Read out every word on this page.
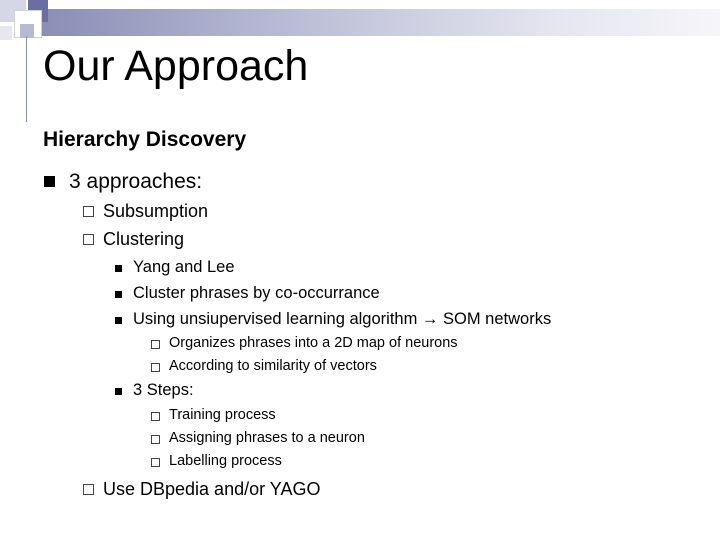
Our Approach
Hierarchy Discovery
3 approaches:
Subsumption
Clustering
Yang and Lee
Cluster phrases by co-occurrance
Using unsiupervised learning algorithm → SOM networks
Organizes phrases into a 2D map of neurons
According to similarity of vectors
3 Steps:
Training process
Assigning phrases to a neuron
Labelling process
Use DBpedia and/or YAGO
